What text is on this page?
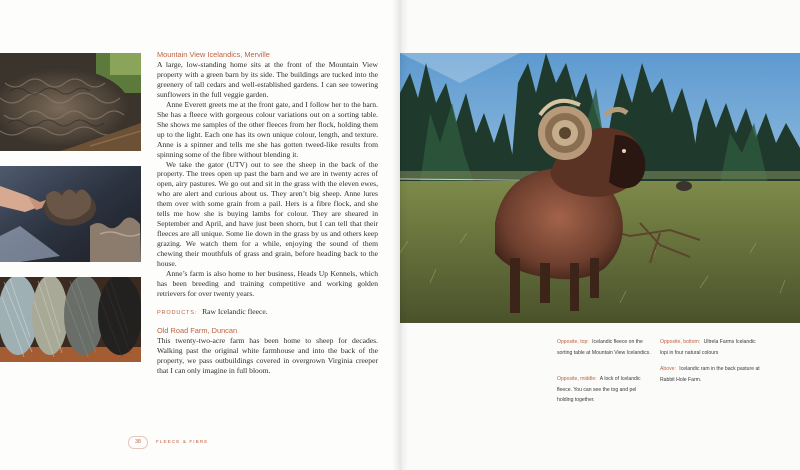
Mountain View Icelandics, Merville

A large, low-standing home sits at the front of the Mountain View property with a green barn by its side. The buildings are tucked into the greenery of tall cedars and well-established gardens. I can see towering sunflowers in the full veggie garden.

Anne Everett greets me at the front gate, and I follow her to the barn. She has a fleece with gorgeous colour variations out on a sorting table. She shows me samples of the other fleeces from her flock, holding them up to the light. Each one has its own unique colour, length, and texture. Anne is a spinner and tells me she has gotten tweed-like results from spinning some of the fibre without blending it.

We take the gator (UTV) out to see the sheep in the back of the property. The trees open up past the barn and we are in twenty acres of open, airy pastures. We go out and sit in the grass with the eleven ewes, who are alert and curious about us. They aren’t big sheep. Anne lures them over with some grain from a pail. Hers is a fibre flock, and she tells me how she is buying lambs for colour. They are sheared in September and April, and have just been shorn, but I can tell that their fleeces are all unique. Some lie down in the grass by us and others keep grazing. We watch them for a while, enjoying the sound of them chewing their mouthfuls of grass and grain, before heading back to the house.

Anne’s farm is also home to her business, Heads Up Kennels, which has been breeding and training competitive and working golden retrievers for over twenty years.

PRODUCTS: Raw Icelandic fleece.
Old Road Farm, Duncan

This twenty-two-acre farm has been home to sheep for decades. Walking past the original white farmhouse and into the back of the property, we pass outbuildings covered in overgrown Virginia creeper that I can only imagine in full bloom.

38	FLEECE & FIBRE
Opposite, top: Icelandic fleece on the sorting table at Mountain View Icelandics.
Opposite, middle: A lock of Icelandic fleece. You can see the tog and pel holding together.
Opposite, bottom: Ultrela Farms Icelandic lopi in four natural colours
Above: Icelandic ram in the back pasture at Rabbit Hole Farm.
